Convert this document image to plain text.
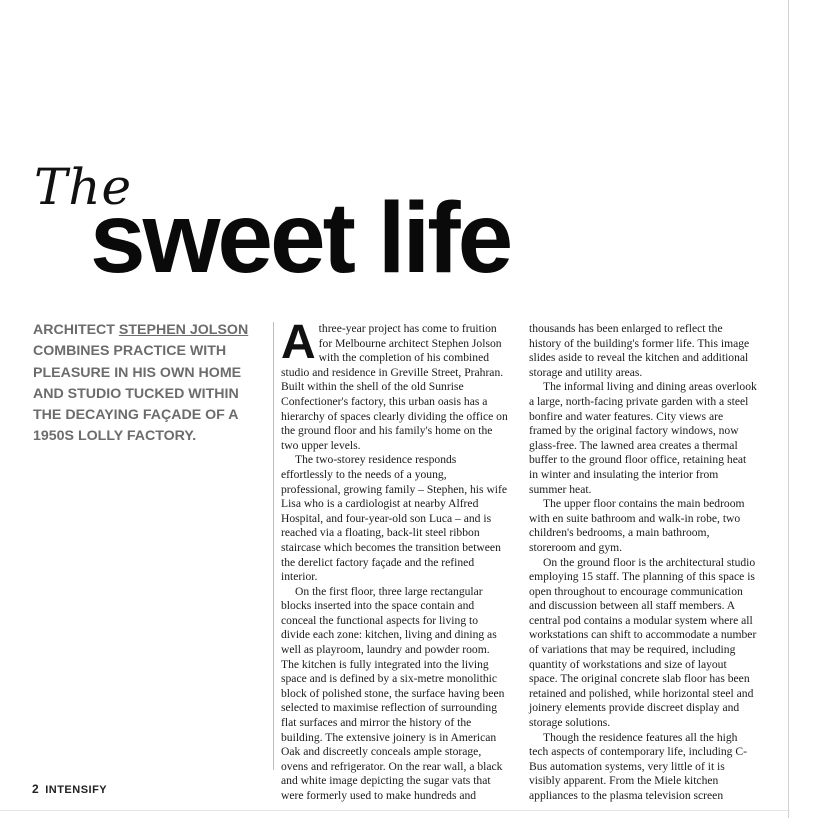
The
sweet life
ARCHITECT STEPHEN JOLSON COMBINES PRACTICE WITH PLEASURE IN HIS OWN HOME AND STUDIO TUCKED WITHIN THE DECAYING FAÇADE OF A 1950S LOLLY FACTORY.

Athree-year project has come to fruition for Melbourne architect Stephen Jolson with the completion of his combined studio and residence in Greville Street, Prahran. Built within the shell of the old Sunrise Confectioner's factory, this urban oasis has a hierarchy of spaces clearly dividing the office on the ground floor and his family's home on the two upper levels.

The two-storey residence responds effortlessly to the needs of a young, professional, growing family – Stephen, his wife Lisa who is a cardiologist at nearby Alfred Hospital, and four-year-old son Luca – and is reached via a floating, back-lit steel ribbon staircase which becomes the transition between the derelict factory façade and the refined interior.

On the first floor, three large rectangular blocks inserted into the space contain and conceal the functional aspects for living to divide each zone: kitchen, living and dining as well as playroom, laundry and powder room. The kitchen is fully integrated into the living space and is defined by a six-metre monolithic block of polished stone, the surface having been selected to maximise reflection of surrounding flat surfaces and mirror the history of the building. The extensive joinery is in American Oak and discreetly conceals ample storage, ovens and refrigerator. On the rear wall, a black and white image depicting the sugar vats that were formerly used to make hundreds and

thousands has been enlarged to reflect the history of the building's former life. This image slides aside to reveal the kitchen and additional storage and utility areas.

The informal living and dining areas overlook a large, north-facing private garden with a steel bonfire and water features. City views are framed by the original factory windows, now glass-free. The lawned area creates a thermal buffer to the ground floor office, retaining heat in winter and insulating the interior from summer heat.

The upper floor contains the main bedroom with en suite bathroom and walk-in robe, two children's bedrooms, a main bathroom, storeroom and gym.

On the ground floor is the architectural studio employing 15 staff. The planning of this space is open throughout to encourage communication and discussion between all staff members. A central pod contains a modular system where all workstations can shift to accommodate a number of variations that may be required, including quantity of workstations and size of layout space. The original concrete slab floor has been retained and polished, while horizontal steel and joinery elements provide discreet display and storage solutions.

Though the residence features all the high tech aspects of contemporary life, including C-Bus automation systems, very little of it is visibly apparent. From the Miele kitchen appliances to the plasma television screen

2 INTENSIFY
